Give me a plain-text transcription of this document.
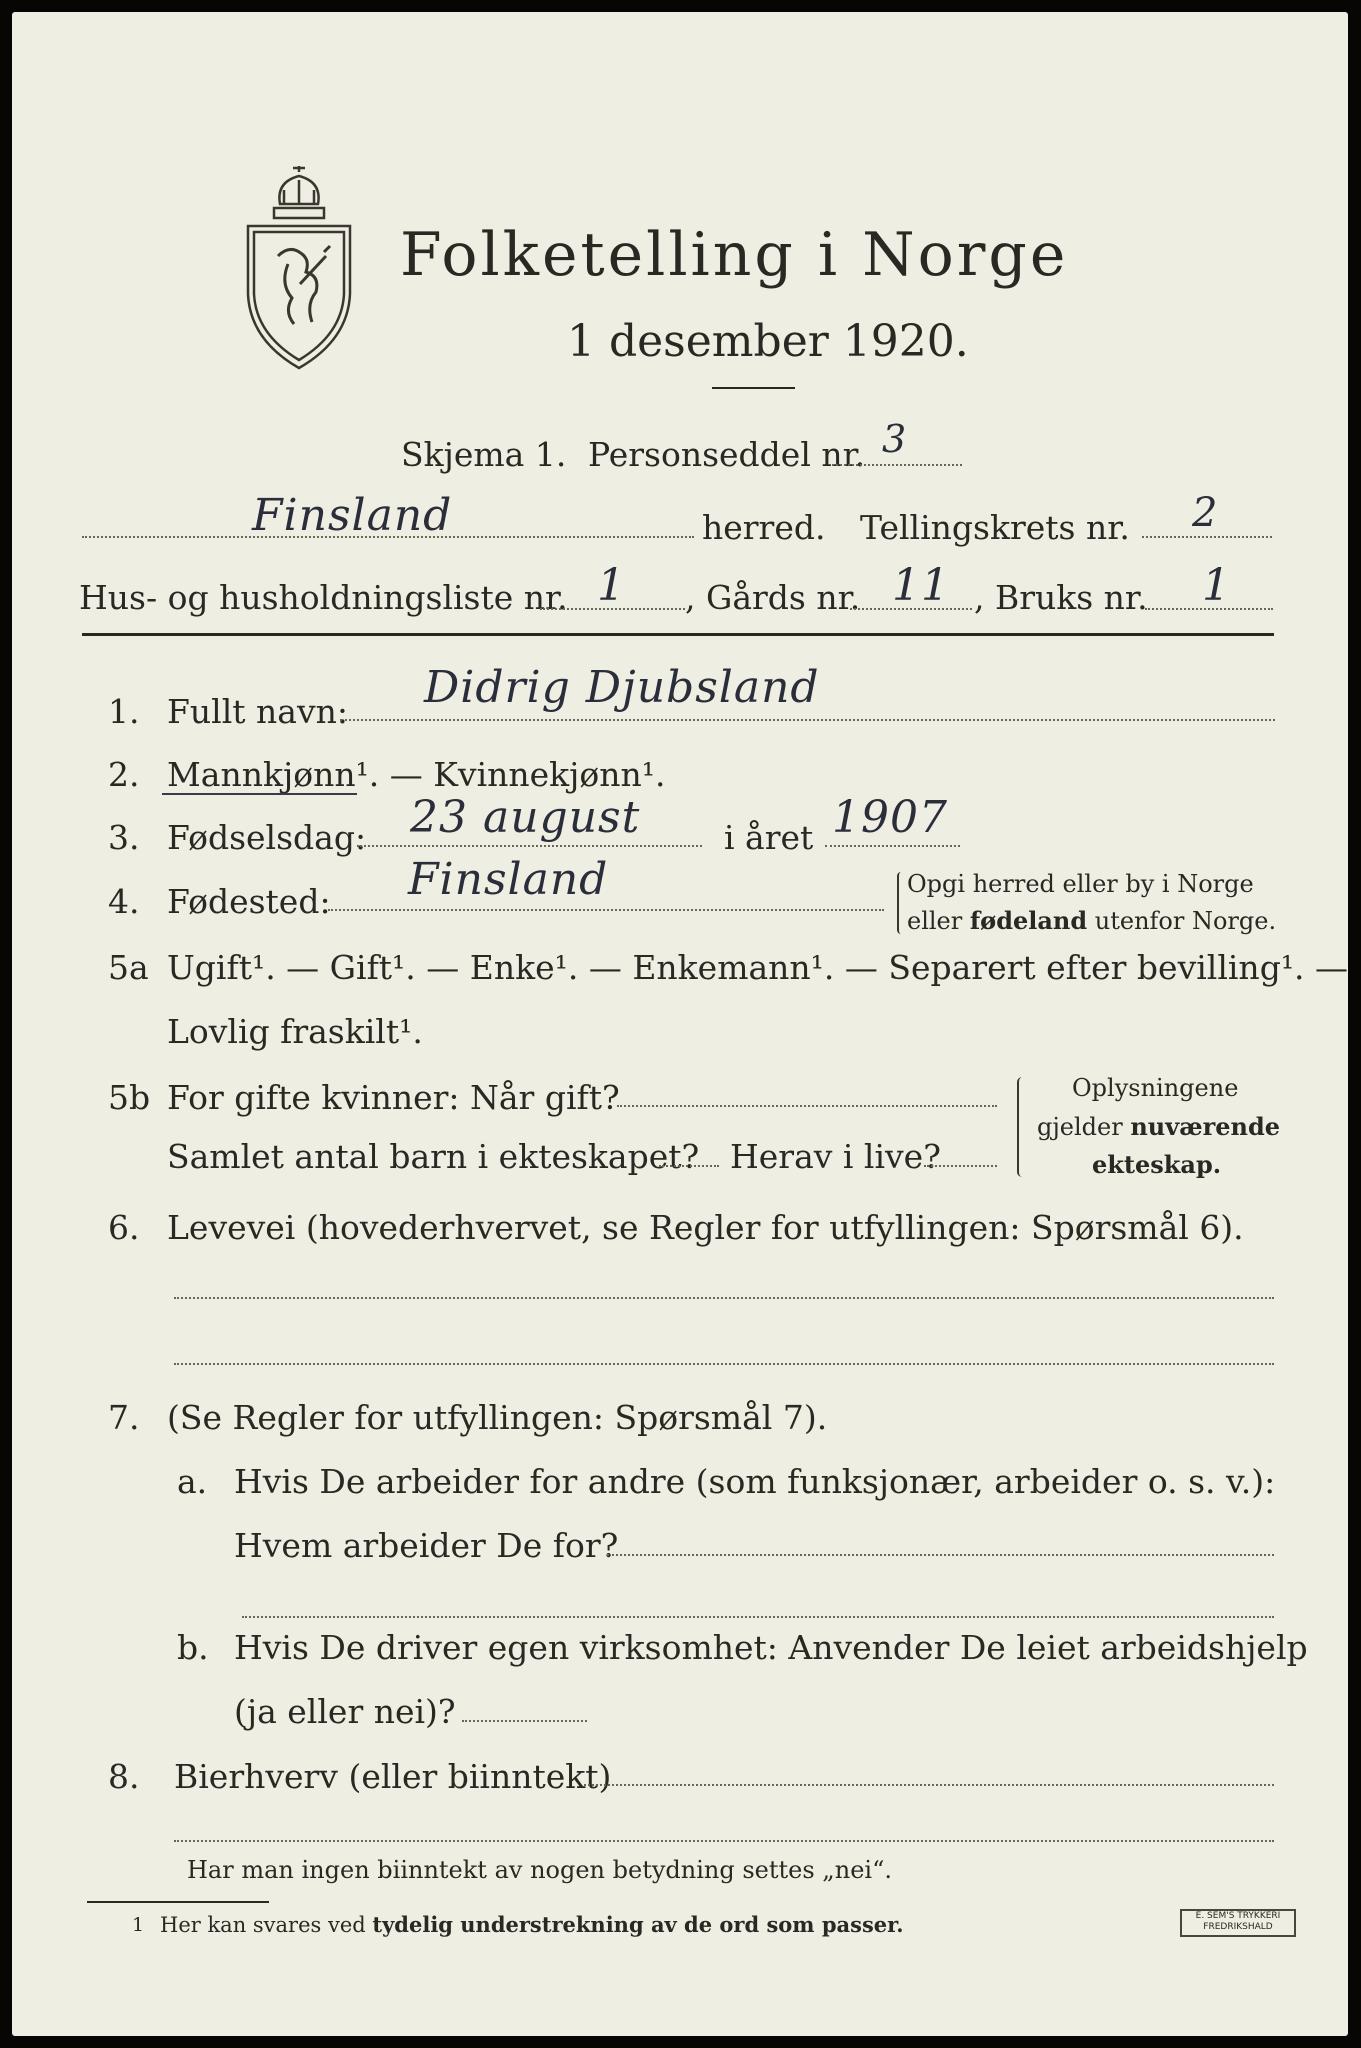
Folketelling i Norge
1 desember 1920.
Skjema 1. Personseddel nr. 3
Finsland	herred. Tellingskrets nr. 2
Hus- og husholdningsliste nr. 1 , Gårds nr. 11 , Bruks nr. 1
1. Fullt navn: Didrig Djubsland
2. Mannkjønn¹. — Kvinnekjønn¹.
3. Fødselsdag: 23 august	i året 1907
4. Fødested: Finsland	Opgi herred eller by i Norge
eller fødeland utenfor Norge.
5a Ugift¹. — Gift¹. — Enke¹. — Enkemann¹. — Separert efter bevilling¹. —
Lovlig fraskilt¹.
5b For gifte kvinner: Når gift?
Samlet antal barn i ekteskapet? Herav i live?
Oplysningene
gjelder nuværende
ekteskap.
6. Levevei (hovederhvervet, se Regler for utfyllingen: Spørsmål 6).
7. (Se Regler for utfyllingen: Spørsmål 7).
a. Hvis De arbeider for andre (som funksjonær, arbeider o. s. v.):
Hvem arbeider De for?
b. Hvis De driver egen virksomhet: Anvender De leiet arbeidshjelp
(ja eller nei)?
8. Bierhverv (eller biinntekt)
Har man ingen biinntekt av nogen betydning settes „nei“.
1 Her kan svares ved tydelig understrekning av de ord som passer.	E. SEM'S TRYKKERI
FREDRIKSHALD
